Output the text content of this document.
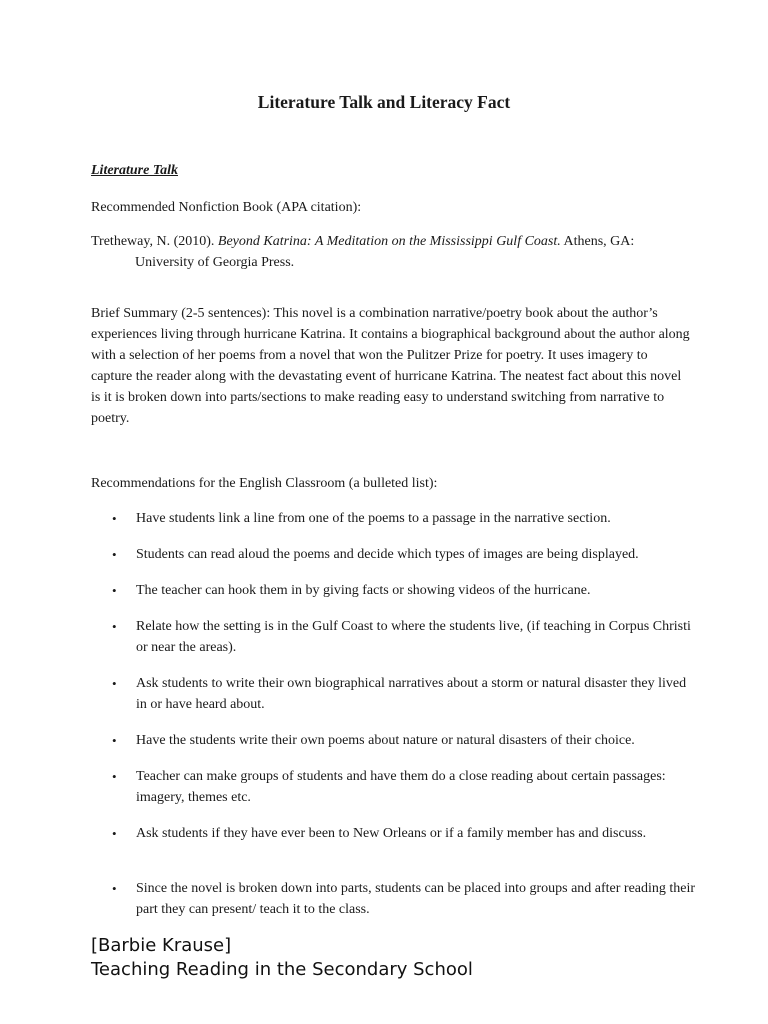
Literature Talk and Literacy Fact

Literature Talk

Recommended Nonfiction Book (APA citation):

Tretheway, N. (2010). Beyond Katrina: A Meditation on the Mississippi Gulf Coast. Athens, GA:
University of Georgia Press.

Brief Summary (2-5 sentences): This novel is a combination narrative/poetry book about the author’s experiences living through hurricane Katrina. It contains a biographical background about the author along with a selection of her poems from a novel that won the Pulitzer Prize for poetry. It uses imagery to capture the reader along with the devastating event of hurricane Katrina. The neatest fact about this novel is it is broken down into parts/sections to make reading easy to understand switching from narrative to poetry.

Recommendations for the English Classroom (a bulleted list):

• Have students link a line from one of the poems to a passage in the narrative section.
• Students can read aloud the poems and decide which types of images are being displayed.
• The teacher can hook them in by giving facts or showing videos of the hurricane.
• Relate how the setting is in the Gulf Coast to where the students live, (if teaching in Corpus Christi or near the areas).
• Ask students to write their own biographical narratives about a storm or natural disaster they lived in or have heard about.
• Have the students write their own poems about nature or natural disasters of their choice.
• Teacher can make groups of students and have them do a close reading about certain passages: imagery, themes etc.
• Ask students if they have ever been to New Orleans or if a family member has and discuss.
• Since the novel is broken down into parts, students can be placed into groups and after reading their part they can present/ teach it to the class.
[Barbie Krause]
Teaching Reading in the Secondary School
